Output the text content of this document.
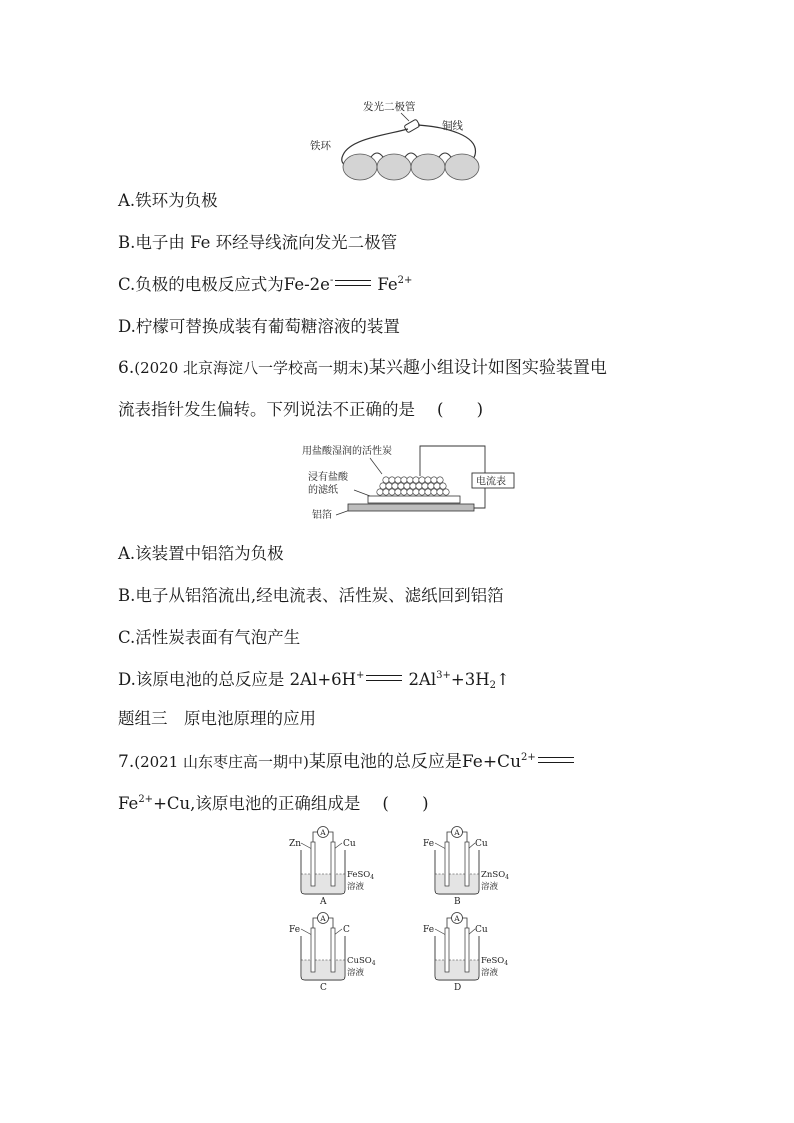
发光二极管
铜线
铁环
A.铁环为负极
B.电子由 Fe 环经导线流向发光二极管
C.负极的电极反应式为Fe-2e-	$Fe^{2+}$
D.柠檬可替换成装有葡萄糖溶液的装置
6.(2020 北京海淀八一学校高一期末)某兴趣小组设计如图实验装置电
流表指针发生偏转。下列说法不正确的是 ( )
用盐酸湿润的活性炭
浸有盐酸
的滤纸
铝箔
电流表
A.该装置中铝箔为负极
B.电子从铝箔流出,经电流表、活性炭、滤纸回到铝箔
C.活性炭表面有气泡产生
D.该原电池的总反应是 2Al+6H+	$2Al^{3+}+3H_2↑$
题组三　原电池原理的应用
7.(2021 山东枣庄高一期中)某原电池的总反应是$Fe+Cu^{2+}$
$Fe^{2+}+Cu$,该原电池的正确组成是 ( )
Zn	Cu
A
FeSO$_4$
溶液
A
Fe	Cu
A
ZnSO$_4$
溶液
B
Fe	C
A
CuSO$_4$
溶液
C
Fe	Cu
A
FeSO$_4$
溶液
D
